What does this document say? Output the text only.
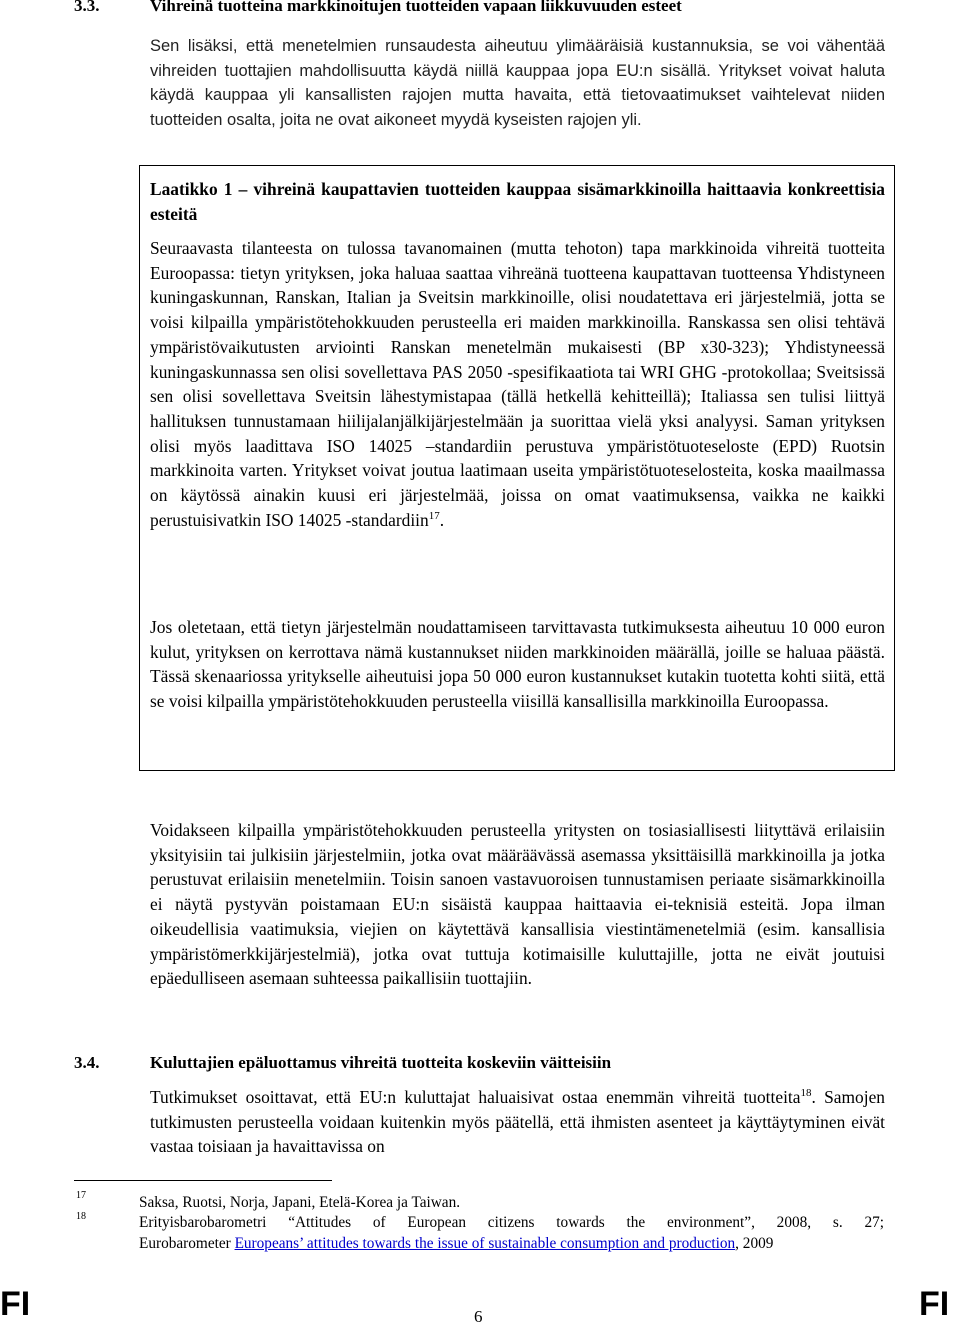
3.3.	Vihreinä tuotteina markkinoitujen tuotteiden vapaan liikkuvuuden esteet
Sen lisäksi, että menetelmien runsaudesta aiheutuu ylimääräisiä kustannuksia, se voi vähentää vihreiden tuottajien mahdollisuutta käydä niillä kauppaa jopa EU:n sisällä. Yritykset voivat haluta käydä kauppaa yli kansallisten rajojen mutta havaita, että tietovaatimukset vaihtelevat niiden tuotteiden osalta, joita ne ovat aikoneet myydä kyseisten rajojen yli.
Laatikko 1 – vihreinä kaupattavien tuotteiden kauppaa sisämarkkinoilla haittaavia konkreettisia esteitä
Seuraavasta tilanteesta on tulossa tavanomainen (mutta tehoton) tapa markkinoida vihreitä tuotteita Euroopassa: tietyn yrityksen, joka haluaa saattaa vihreänä tuotteena kaupattavan tuotteensa Yhdistyneen kuningaskunnan, Ranskan, Italian ja Sveitsin markkinoille, olisi noudatettava eri järjestelmiä, jotta se voisi kilpailla ympäristötehokkuuden perusteella eri maiden markkinoilla. Ranskassa sen olisi tehtävä ympäristövaikutusten arviointi Ranskan menetelmän mukaisesti (BP x30-323); Yhdistyneessä kuningaskunnassa sen olisi sovellettava PAS 2050 -spesifikaatiota tai WRI GHG -protokollaa; Sveitsissä sen olisi sovellettava Sveitsin lähestymistapaa (tällä hetkellä kehitteillä); Italiassa sen tulisi liittyä hallituksen tunnustamaan hiilijalanjälkijärjestelmään ja suorittaa vielä yksi analyysi. Saman yrityksen olisi myös laadittava ISO 14025 –standardiin perustuva ympäristötuoteseloste (EPD) Ruotsin markkinoita varten. Yritykset voivat joutua laatimaan useita ympäristötuoteselosteita, koska maailmassa on käytössä ainakin kuusi eri järjestelmää, joissa on omat vaatimuksensa, vaikka ne kaikki perustuisivatkin ISO 14025 -standardiin$^{17}$.
Jos oletetaan, että tietyn järjestelmän noudattamiseen tarvittavasta tutkimuksesta aiheutuu 10 000 euron kulut, yrityksen on kerrottava nämä kustannukset niiden markkinoiden määrällä, joille se haluaa päästä. Tässä skenaariossa yritykselle aiheutuisi jopa 50 000 euron kustannukset kutakin tuotetta kohti siitä, että se voisi kilpailla ympäristötehokkuuden perusteella viisillä kansallisilla markkinoilla Euroopassa.
Voidakseen kilpailla ympäristötehokkuuden perusteella yritysten on tosiasiallisesti liityttävä erilaisiin yksityisiin tai julkisiin järjestelmiin, jotka ovat määräävässä asemassa yksittäisillä markkinoilla ja jotka perustuvat erilaisiin menetelmiin. Toisin sanoen vastavuoroisen tunnustamisen periaate sisämarkkinoilla ei näytä pystyvän poistamaan EU:n sisäistä kauppaa haittaavia ei-teknisiä esteitä. Jopa ilman oikeudellisia vaatimuksia, viejien on käytettävä kansallisia viestintämenetelmiä (esim. kansallisia ympäristömerkkijärjestelmiä), jotka ovat tuttuja kotimaisille kuluttajille, jotta ne eivät joutuisi epäedulliseen asemaan suhteessa paikallisiin tuottajiin.
3.4.	Kuluttajien epäluottamus vihreitä tuotteita koskeviin väitteisiin
Tutkimukset osoittavat, että EU:n kuluttajat haluaisivat ostaa enemmän vihreitä tuotteita$^{18}$. Samojen tutkimusten perusteella voidaan kuitenkin myös päätellä, että ihmisten asenteet ja käyttäytyminen eivät vastaa toisiaan ja havaittavissa on
17	Saksa, Ruotsi, Norja, Japani, Etelä-Korea ja Taiwan.
18	Erityisbarobarometri “Attitudes of European citizens towards the environment”, 2008, s. 27;
Eurobarometer Europeans’ attitudes towards the issue of sustainable consumption and production, 2009
FI	6	FI
